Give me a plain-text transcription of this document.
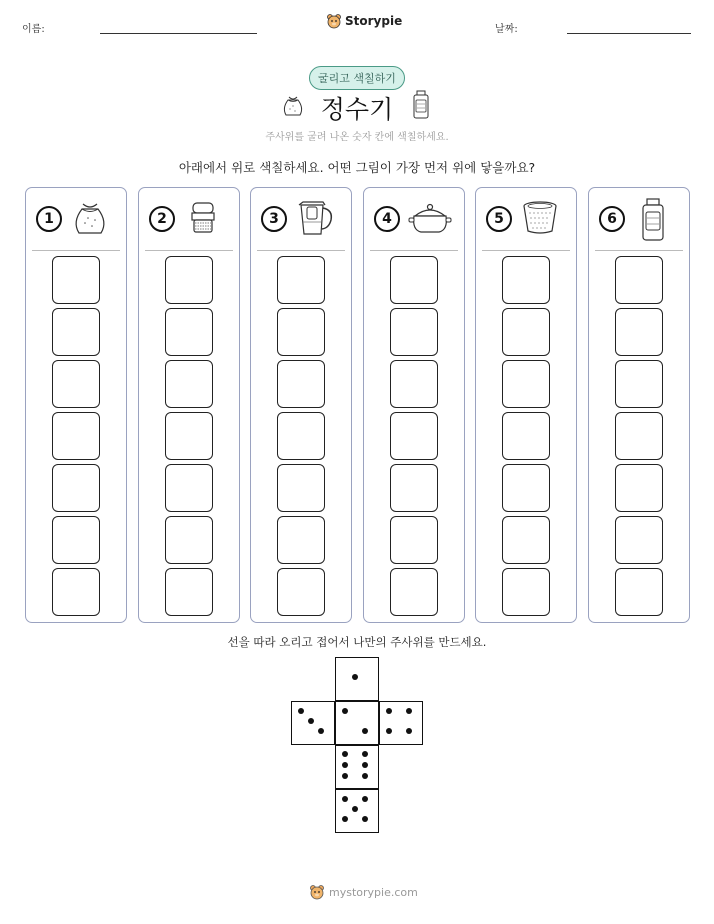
이름:
Storypie
날짜:
굴리고 색칠하기
정수기
주사위를 굴려 나온 숫자 칸에 색칠하세요.
아래에서 위로 색칠하세요. 어떤 그림이 가장 먼저 위에 닿을까요?
1	2	3	4	5	6
선을 따라 오리고 접어서 나만의 주사위를 만드세요.
mystorypie.com
